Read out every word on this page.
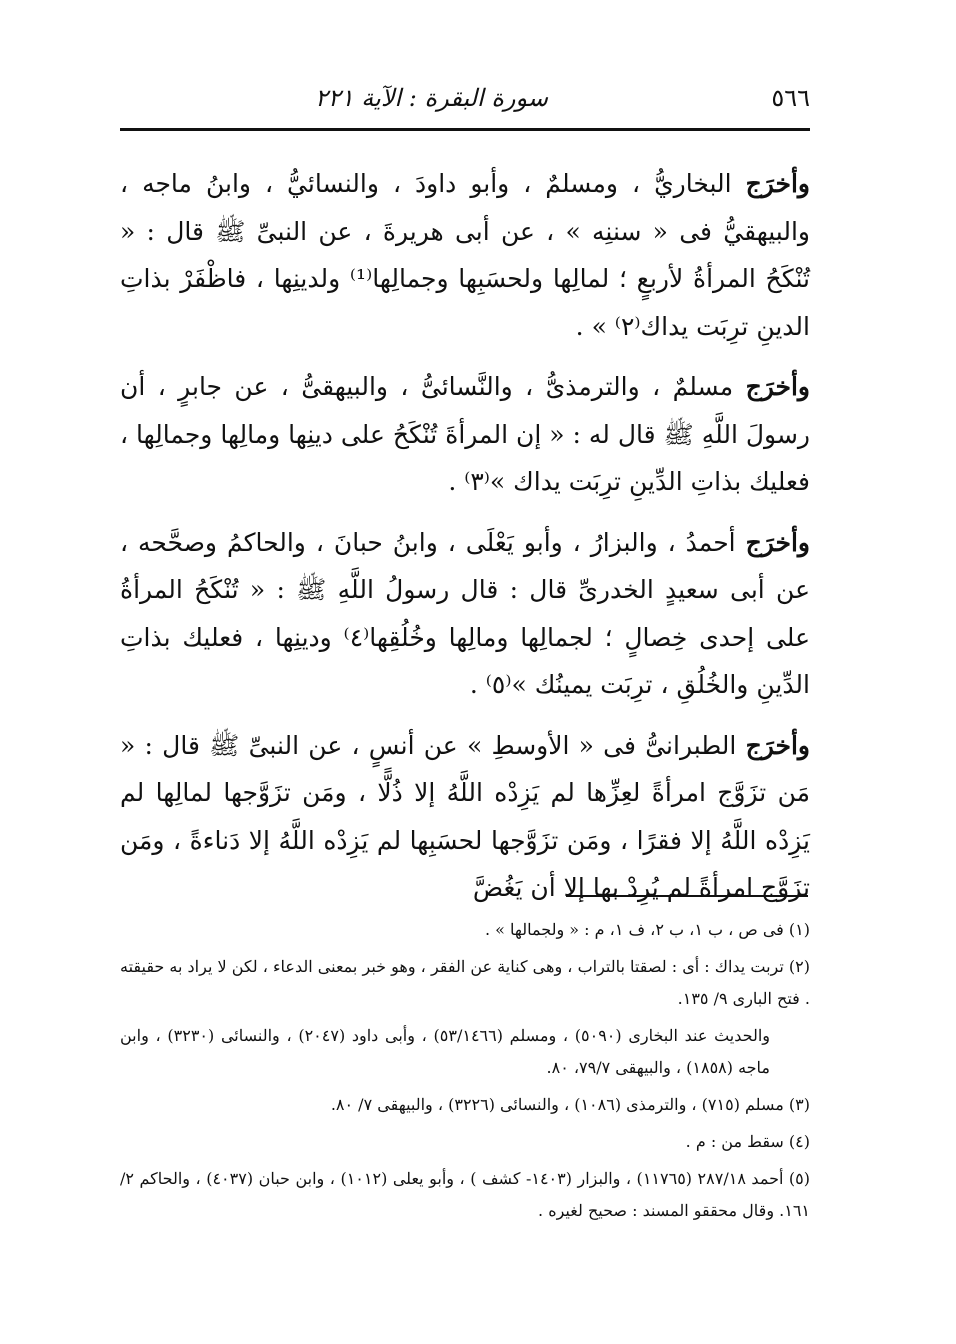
٥٦٦
سورة البقرة : الآية ٢٢١

وأخرَج البخاريُّ ، ومسلمٌ ، وأبو داودَ ، والنسائيُّ ، وابنُ ماجه ، والبيهقيُّ فى « سننِه » ، عن أبى هريرةَ ، عن النبىِّ ﷺ قال : « تُنْكَحُ المرأةُ لأربعٍ ؛ لمالِها ولحسَبِها وجمالِها⁽¹⁾ ولدينِها ، فاظْفَرْ بذاتِ الدينِ ترِبَت يداك⁽٢⁾ » .

وأخرَج مسلمٌ ، والترمذىُّ ، والنَّسائىُّ ، والبيهقىُّ ، عن جابرٍ ، أن رسولَ اللَّهِ ﷺ قال له : « إن المرأةَ تُنْكَحُ على دينِها ومالِها وجمالِها ، فعليك بذاتِ الدِّينِ ترِبَت يداك »⁽٣⁾ .

وأخرَج أحمدُ ، والبزارُ ، وأبو يَعْلَى ، وابنُ حبانَ ، والحاكمُ وصحَّحه ، عن أبى سعيدٍ الخدرىِّ قال : قال رسولُ اللَّهِ ﷺ : « تُنْكَحُ المرأةُ على إحدى خِصالٍ ؛ لجمالِها ومالِها وخُلُقِها⁽٤⁾ ودينِها ، فعليك بذاتِ الدِّينِ والخُلُقِ ، ترِبَت يمينُك »⁽٥⁾ .

وأخرَج الطبرانىُّ فى « الأوسطِ » عن أنسٍ ، عن النبىِّ ﷺ قال : « مَن تزَوَّج امرأةً لعِزِّها لم يَزِدْه اللَّهُ إلا ذُلًّا ، ومَن تزَوَّجها لمالِها لم يَزِدْه اللَّهُ إلا فقرًا ، ومَن تزَوَّجها لحسَبِها لم يَزِدْه اللَّهُ إلا دَناءةً ، ومَن تزَوَّج امرأةً لم يُرِدْ بها إلا أن يَغُضَّ

(١) فى ص ، ب ١، ب ٢، ف ١، م : « ولجمالها » .

(٢) تربت يداك : أى : لصقتا بالتراب ، وهى كناية عن الفقر ، وهو خبر بمعنى الدعاء ، لكن لا يراد به حقيقته . فتح البارى ٩/ ١٣٥.

والحديث عند البخارى (٥٠٩٠) ، ومسلم (٥٣/١٤٦٦) ، وأبى داود (٢٠٤٧) ، والنسائى (٣٢٣٠) ، وابن ماجه (١٨٥٨) ، والبيهقى ٧٩/٧، ٨٠.

(٣) مسلم (٧١٥) ، والترمذى (١٠٨٦) ، والنسائى (٣٢٢٦) ، والبيهقى ٧/ ٨٠.

(٤) سقط من : م .

(٥) أحمد ٢٨٧/١٨ (١١٧٦٥) ، والبزار (١٤٠٣- كشف ) ، وأبو يعلى (١٠١٢) ، وابن حبان (٤٠٣٧) ، والحاكم ٢/ ١٦١. وقال محققو المسند : صحيح لغيره .
